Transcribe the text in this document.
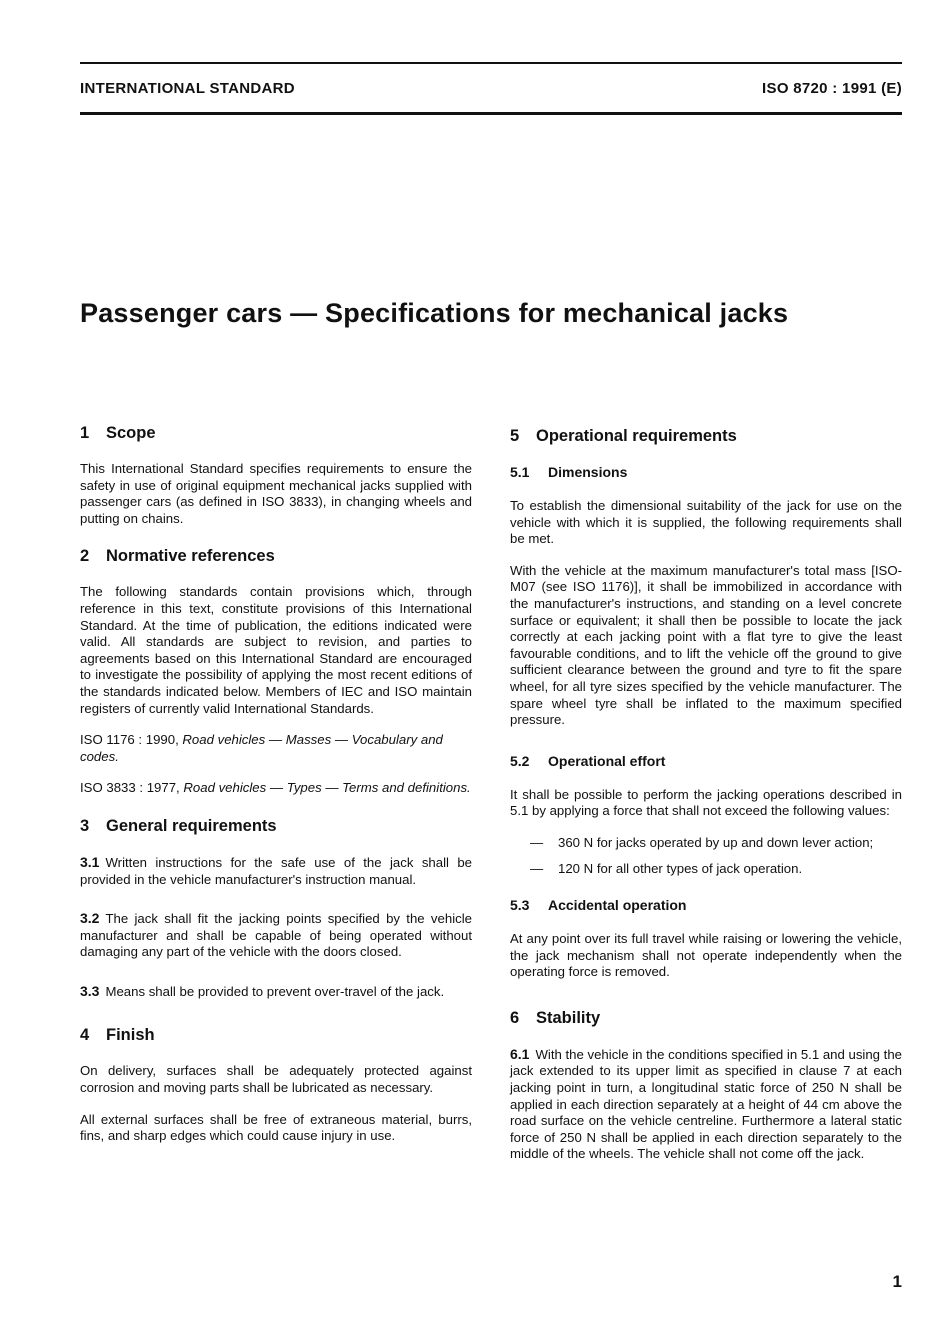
INTERNATIONAL STANDARD	ISO 8720 : 1991 (E)
Passenger cars — Specifications for mechanical jacks
1	Scope

This International Standard specifies requirements to ensure the safety in use of original equipment mechanical jacks supplied with passenger cars (as defined in ISO 3833), in changing wheels and putting on chains.

2	Normative references

The following standards contain provisions which, through reference in this text, constitute provisions of this International Standard. At the time of publication, the editions indicated were valid. All standards are subject to revision, and parties to agreements based on this International Standard are encouraged to investigate the possibility of applying the most recent editions of the standards indicated below. Members of IEC and ISO maintain registers of currently valid International Standards.

ISO 1176 : 1990, Road vehicles — Masses — Vocabulary and codes.

ISO 3833 : 1977, Road vehicles — Types — Terms and definitions.

3	General requirements

3.1 Written instructions for the safe use of the jack shall be provided in the vehicle manufacturer's instruction manual.

3.2 The jack shall fit the jacking points specified by the vehicle manufacturer and shall be capable of being operated without damaging any part of the vehicle with the doors closed.

3.3 Means shall be provided to prevent over-travel of the jack.

4	Finish

On delivery, surfaces shall be adequately protected against corrosion and moving parts shall be lubricated as necessary.

All external surfaces shall be free of extraneous material, burrs, fins, and sharp edges which could cause injury in use.

5	Operational requirements
5.1	Dimensions

To establish the dimensional suitability of the jack for use on the vehicle with which it is supplied, the following requirements shall be met.

With the vehicle at the maximum manufacturer's total mass [ISO-M07 (see ISO 1176)], it shall be immobilized in accordance with the manufacturer's instructions, and standing on a level concrete surface or equivalent; it shall then be possible to locate the jack correctly at each jacking point with a flat tyre to give the least favourable conditions, and to lift the vehicle off the ground to give sufficient clearance between the ground and tyre to fit the spare wheel, for all tyre sizes specified by the vehicle manufacturer. The spare wheel tyre shall be inflated to the maximum specified pressure.

5.2	Operational effort

It shall be possible to perform the jacking operations described in 5.1 by applying a force that shall not exceed the following values:

—	360 N for jacks operated by up and down lever action;
—	120 N for all other types of jack operation.
5.3	Accidental operation

At any point over its full travel while raising or lowering the vehicle, the jack mechanism shall not operate independently when the operating force is removed.

6	Stability

6.1 With the vehicle in the conditions specified in 5.1 and using the jack extended to its upper limit as specified in clause 7 at each jacking point in turn, a longitudinal static force of 250 N shall be applied in each direction separately at a height of 44 cm above the road surface on the vehicle centreline. Furthermore a lateral static force of 250 N shall be applied in each direction separately to the middle of the wheels. The vehicle shall not come off the jack.

1
